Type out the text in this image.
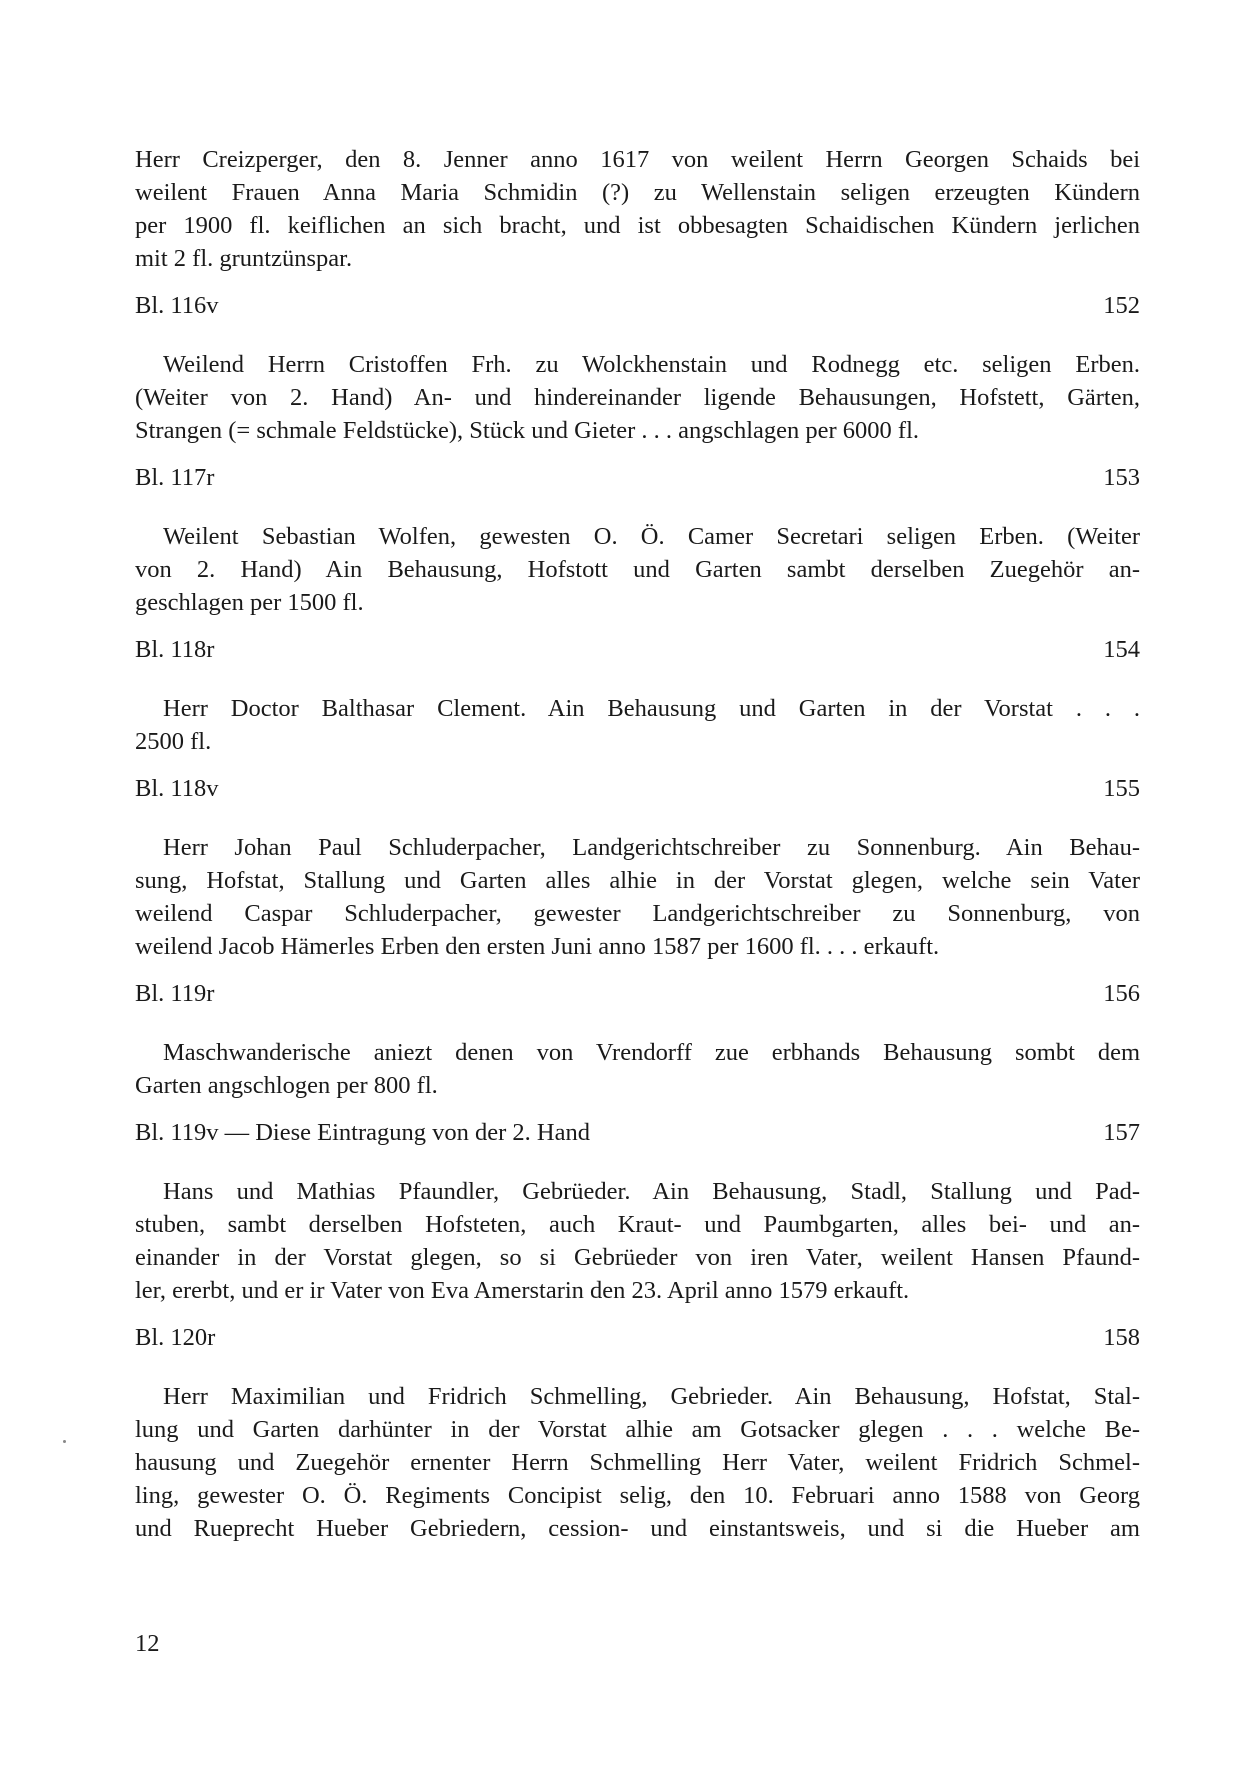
Herr Creizperger, den 8. Jenner anno 1617 von weilent Herrn Georgen Schaids bei
weilent Frauen Anna Maria Schmidin (?) zu Wellenstain seligen erzeugten Kündern
per 1900 fl. keiflichen an sich bracht, und ist obbesagten Schaidischen Kündern jerlichen
mit 2 fl. gruntzünspar.

Bl. 116v	152

Weilend Herrn Cristoffen Frh. zu Wolckhenstain und Rodnegg etc. seligen Erben.
(Weiter von 2. Hand) An- und hindereinander ligende Behausungen, Hofstett, Gärten,
Strangen (= schmale Feldstücke), Stück und Gieter . . . angschlagen per 6000 fl.

Bl. 117r	153

Weilent Sebastian Wolfen, gewesten O. Ö. Camer Secretari seligen Erben. (Weiter
von 2. Hand) Ain Behausung, Hofstott und Garten sambt derselben Zuegehör an-
geschlagen per 1500 fl.

Bl. 118r	154

Herr Doctor Balthasar Clement. Ain Behausung und Garten in der Vorstat . . .
2500 fl.

Bl. 118v	155

Herr Johan Paul Schluderpacher, Landgerichtschreiber zu Sonnenburg. Ain Behau-
sung, Hofstat, Stallung und Garten alles alhie in der Vorstat glegen, welche sein Vater
weilend Caspar Schluderpacher, gewester Landgerichtschreiber zu Sonnenburg, von
weilend Jacob Hämerles Erben den ersten Juni anno 1587 per 1600 fl. . . . erkauft.

Bl. 119r	156

Maschwanderische aniezt denen von Vrendorff zue erbhands Behausung sombt dem
Garten angschlogen per 800 fl.

Bl. 119v — Diese Eintragung von der 2. Hand	157

Hans und Mathias Pfaundler, Gebrüeder. Ain Behausung, Stadl, Stallung und Pad-
stuben, sambt derselben Hofsteten, auch Kraut- und Paumbgarten, alles bei- und an-
einander in der Vorstat glegen, so si Gebrüeder von iren Vater, weilent Hansen Pfaund-
ler, ererbt, und er ir Vater von Eva Amerstarin den 23. April anno 1579 erkauft.

Bl. 120r	158

Herr Maximilian und Fridrich Schmelling, Gebrieder. Ain Behausung, Hofstat, Stal-
lung und Garten darhünter in der Vorstat alhie am Gotsacker glegen . . . welche Be-
hausung und Zuegehör ernenter Herrn Schmelling Herr Vater, weilent Fridrich Schmel-
ling, gewester O. Ö. Regiments Concipist selig, den 10. Februari anno 1588 von Georg
und Rueprecht Hueber Gebriedern, cession- und einstantsweis, und si die Hueber am

12
